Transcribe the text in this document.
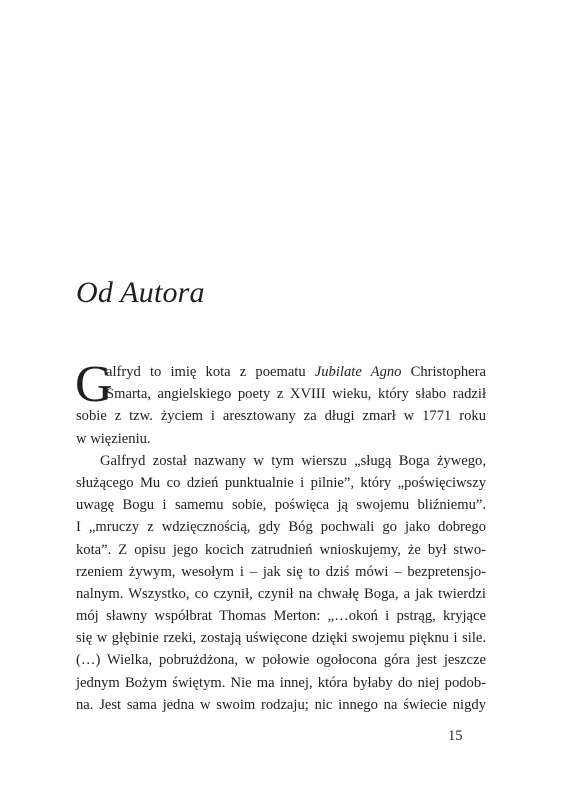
Od Autora
G
alfryd to imię kota z poematu Jubilate Agno Christophera
Smarta, angielskiego poety z XVIII wieku, który słabo radził
sobie z tzw. życiem i aresztowany za długi zmarł w 1771 roku
w więzieniu.
Galfryd został nazwany w tym wierszu „sługą Boga żywego,
służącego Mu co dzień punktualnie i pilnie”, który „poświęciwszy
uwagę Bogu i samemu sobie, poświęca ją swojemu bliźniemu”.
I „mruczy z wdzięcznością, gdy Bóg pochwali go jako dobrego
kota”. Z opisu jego kocich zatrudnień wnioskujemy, że był stwo-
rzeniem żywym, wesołym i – jak się to dziś mówi – bezpretensjo-
nalnym. Wszystko, co czynił, czynił na chwałę Boga, a jak twierdzi
mój sławny współbrat Thomas Merton: „…okoń i pstrąg, kryjące
się w głębinie rzeki, zostają uświęcone dzięki swojemu pięknu i sile.
(…) Wielka, pobrużdżona, w połowie ogołocona góra jest jeszcze
jednym Bożym świętym. Nie ma innej, która byłaby do niej podob-
na. Jest sama jedna w swoim rodzaju; nic innego na świecie nigdy
15
